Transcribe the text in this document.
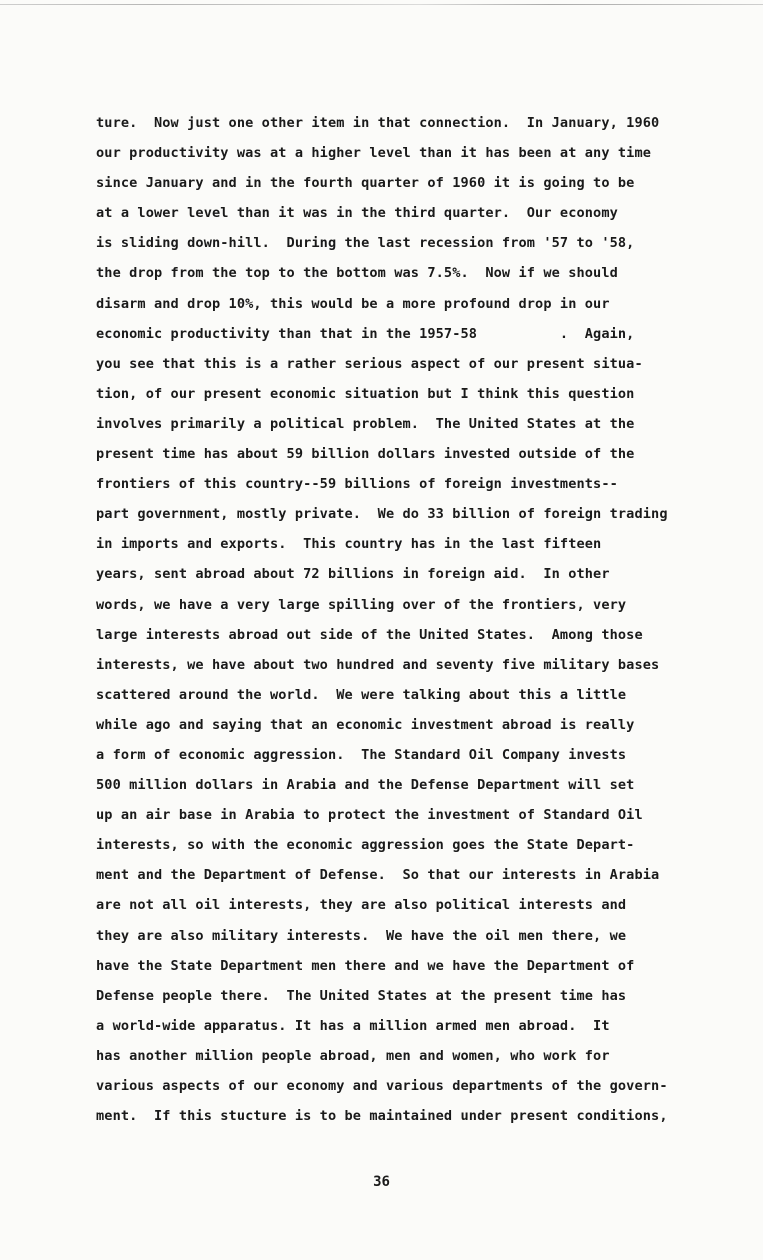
ture.  Now just one other item in that connection.  In January, 1960
our productivity was at a higher level than it has been at any time
since January and in the fourth quarter of 1960 it is going to be
at a lower level than it was in the third quarter.  Our economy
is sliding down-hill.  During the last recession from '57 to '58,
the drop from the top to the bottom was 7.5%.  Now if we should
disarm and drop 10%, this would be a more profound drop in our
economic productivity than that in the 1957-58          .  Again,
you see that this is a rather serious aspect of our present situa-
tion, of our present economic situation but I think this question
involves primarily a political problem.  The United States at the
present time has about 59 billion dollars invested outside of the
frontiers of this country--59 billions of foreign investments--
part government, mostly private.  We do 33 billion of foreign trading
in imports and exports.  This country has in the last fifteen
years, sent abroad about 72 billions in foreign aid.  In other
words, we have a very large spilling over of the frontiers, very
large interests abroad out side of the United States.  Among those
interests, we have about two hundred and seventy five military bases
scattered around the world.  We were talking about this a little
while ago and saying that an economic investment abroad is really
a form of economic aggression.  The Standard Oil Company invests
500 million dollars in Arabia and the Defense Department will set
up an air base in Arabia to protect the investment of Standard Oil
interests, so with the economic aggression goes the State Depart-
ment and the Department of Defense.  So that our interests in Arabia
are not all oil interests, they are also political interests and
they are also military interests.  We have the oil men there, we
have the State Department men there and we have the Department of
Defense people there.  The United States at the present time has
a world-wide apparatus. It has a million armed men abroad.  It
has another million people abroad, men and women, who work for
various aspects of our economy and various departments of the govern-
ment.  If this stucture is to be maintained under present conditions,
36
